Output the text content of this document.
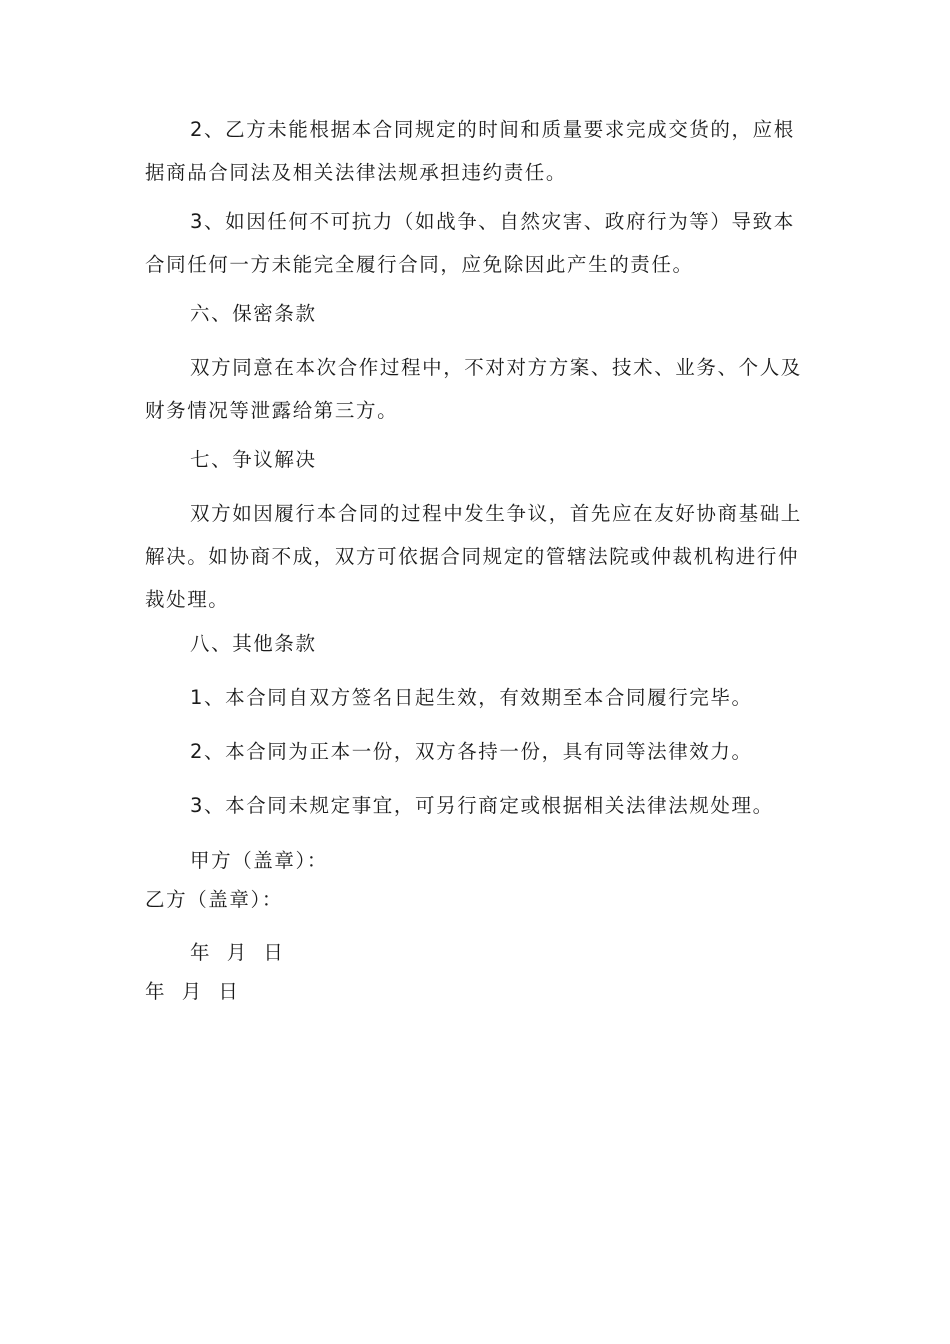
2、乙方未能根据本合同规定的时间和质量要求完成交货的，应根据商品合同法及相关法律法规承担违约责任。

3、如因任何不可抗力（如战争、自然灾害、政府行为等）导致本合同任何一方未能完全履行合同，应免除因此产生的责任。

六、保密条款

双方同意在本次合作过程中，不对对方方案、技术、业务、个人及财务情况等泄露给第三方。

七、争议解决

双方如因履行本合同的过程中发生争议，首先应在友好协商基础上解决。如协商不成，双方可依据合同规定的管辖法院或仲裁机构进行仲裁处理。

八、其他条款

1、本合同自双方签名日起生效，有效期至本合同履行完毕。

2、本合同为正本一份，双方各持一份，具有同等法律效力。

3、本合同未规定事宜，可另行商定或根据相关法律法规处理。

甲方（盖章）：

乙方（盖章）：

年  月  日

年  月  日
